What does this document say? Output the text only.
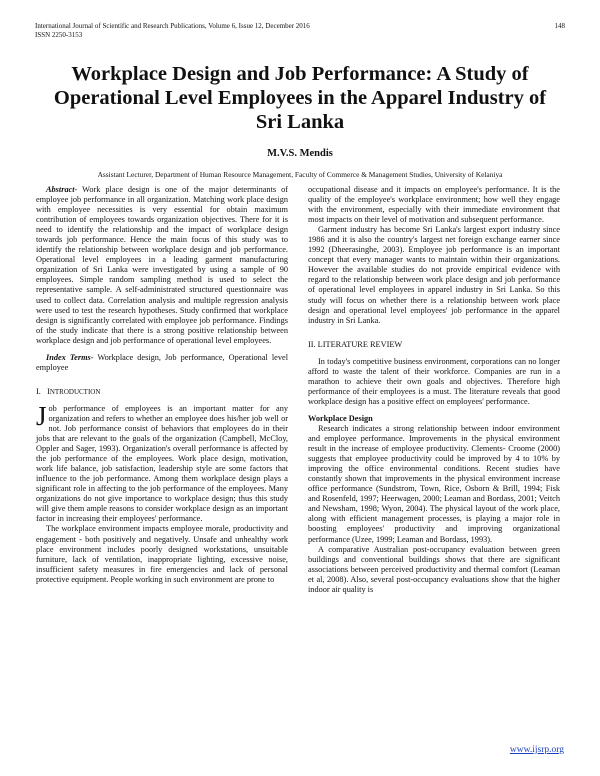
International Journal of Scientific and Research Publications, Volume 6, Issue 12, December 2016
ISSN 2250-3153
148
Workplace Design and Job Performance: A Study of Operational Level Employees in the Apparel Industry of Sri Lanka
M.V.S. Mendis
Assistant Lecturer, Department of Human Resource Management, Faculty of Commerce & Management Studies, University of Kelaniya

Abstract- Work place design is one of the major determinants of employee job performance in all organization. Matching work place design with employee necessities is very essential for obtain maximum contribution of employees towards organization objectives. There for it is need to identify the relationship and the impact of workplace design towards job performance. Hence the main focus of this study was to identify the relationship between workplace design and job performance. Operational level employees in a leading garment manufacturing organization of Sri Lanka were investigated by using a sample of 90 employees. Simple random sampling method is used to select the representative sample. A self-administrated structured questionnaire was used to collect data. Correlation analysis and multiple regression analysis were used to test the research hypotheses. Study confirmed that workplace design is significantly correlated with employee job performance. Findings of the study indicate that there is a strong positive relationship between workplace design and job performance of operational level employees.

Index Terms- Workplace design, Job performance, Operational level employee

I. INTRODUCTION

Job performance of employees is an important matter for any organization and refers to whether an employee does his/her job well or not. Job performance consist of behaviors that employees do in their jobs that are relevant to the goals of the organization (Campbell, McCloy, Oppler and Sager, 1993). Organization's overall performance is affected by the job performance of the employees. Work place design, motivation, work life balance, job satisfaction, leadership style are some factors that influence to the job performance. Among them workplace design plays a significant role in affecting to the job performance of the employees. Many organizations do not give importance to workplace design; thus this study will give them ample reasons to consider workplace design as an important factor in increasing their employees' performance.

The workplace environment impacts employee morale, productivity and engagement - both positively and negatively. Unsafe and unhealthy work place environment includes poorly designed workstations, unsuitable furniture, lack of ventilation, inappropriate lighting, excessive noise, insufficient safety measures in fire emergencies and lack of personal protective equipment. People working in such environment are prone to

occupational disease and it impacts on employee's performance. It is the quality of the employee's workplace environment; how well they engage with the environment, especially with their immediate environment that most impacts on their level of motivation and subsequent performance.

Garment industry has become Sri Lanka's largest export industry since 1986 and it is also the country's largest net foreign exchange earner since 1992 (Dheerasinghe, 2003). Employee job performance is an important concept that every manager wants to maintain within their organizations. However the available studies do not provide empirical evidence with regard to the relationship between work place design and job performance of operational level employees in apparel industry in Sri Lanka. So this study will focus on whether there is a relationship between work place design and operational level employees' job performance in the apparel industry in Sri Lanka.

II. LITERATURE REVIEW

In today's competitive business environment, corporations can no longer afford to waste the talent of their workforce. Companies are run in a marathon to achieve their own goals and objectives. Therefore high performance of their employees is a must. The literature reveals that good workplace design has a positive effect on employees' performance.

Workplace Design

Research indicates a strong relationship between indoor environment and employee performance. Improvements in the physical environment result in the increase of employee productivity. Clements- Croome (2000) suggests that employee productivity could be improved by 4 to 10% by improving the office environmental conditions. Recent studies have constantly shown that improvements in the physical environment increase office performance (Sundstrom, Town, Rice, Osborn & Brill, 1994; Fisk and Rosenfeld, 1997; Heerwagen, 2000; Leaman and Bordass, 2001; Veitch and Newsham, 1998; Wyon, 2004). The physical layout of the work place, along with efficient management processes, is playing a major role in boosting employees' productivity and improving organizational performance (Uzee, 1999; Leaman and Bordass, 1993).

A comparative Australian post-occupancy evaluation between green buildings and conventional buildings shows that there are significant associations between perceived productivity and thermal comfort (Leaman et al, 2008). Also, several post-occupancy evaluations show that the higher indoor air quality is

www.ijsrp.org
